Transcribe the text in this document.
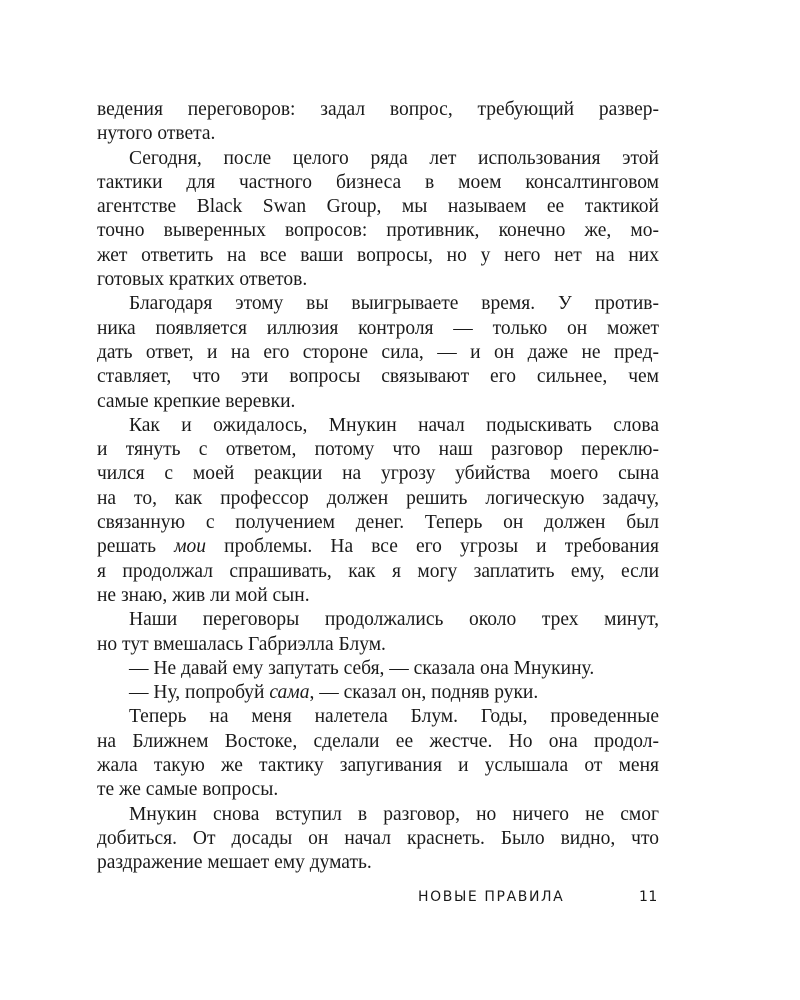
ведения переговоров: задал вопрос, требующий развер-
нутого ответа.
Сегодня, после целого ряда лет использования этой
тактики для частного бизнеса в моем консалтинговом
агентстве Black Swan Group, мы называем ее тактикой
точно выверенных вопросов: противник, конечно же, мо-
жет ответить на все ваши вопросы, но у него нет на них
готовых кратких ответов.
Благодаря этому вы выигрываете время. У против-
ника появляется иллюзия контроля — только он может
дать ответ, и на его стороне сила, — и он даже не пред-
ставляет, что эти вопросы связывают его сильнее, чем
самые крепкие веревки.
Как и ожидалось, Мнукин начал подыскивать слова
и тянуть с ответом, потому что наш разговор переклю-
чился с моей реакции на угрозу убийства моего сына
на то, как профессор должен решить логическую задачу,
связанную с получением денег. Теперь он должен был
решать мои проблемы. На все его угрозы и требования
я продолжал спрашивать, как я могу заплатить ему, если
не знаю, жив ли мой сын.
Наши переговоры продолжались около трех минут,
но тут вмешалась Габриэлла Блум.
— Не давай ему запутать себя, — сказала она Мнукину.
— Ну, попробуй сама, — сказал он, подняв руки.
Теперь на меня налетела Блум. Годы, проведенные
на Ближнем Востоке, сделали ее жестче. Но она продол-
жала такую же тактику запугивания и услышала от меня
те же самые вопросы.
Мнукин снова вступил в разговор, но ничего не смог
добиться. От досады он начал краснеть. Было видно, что
раздражение мешает ему думать.
НОВЫЕ ПРАВИЛА	11
